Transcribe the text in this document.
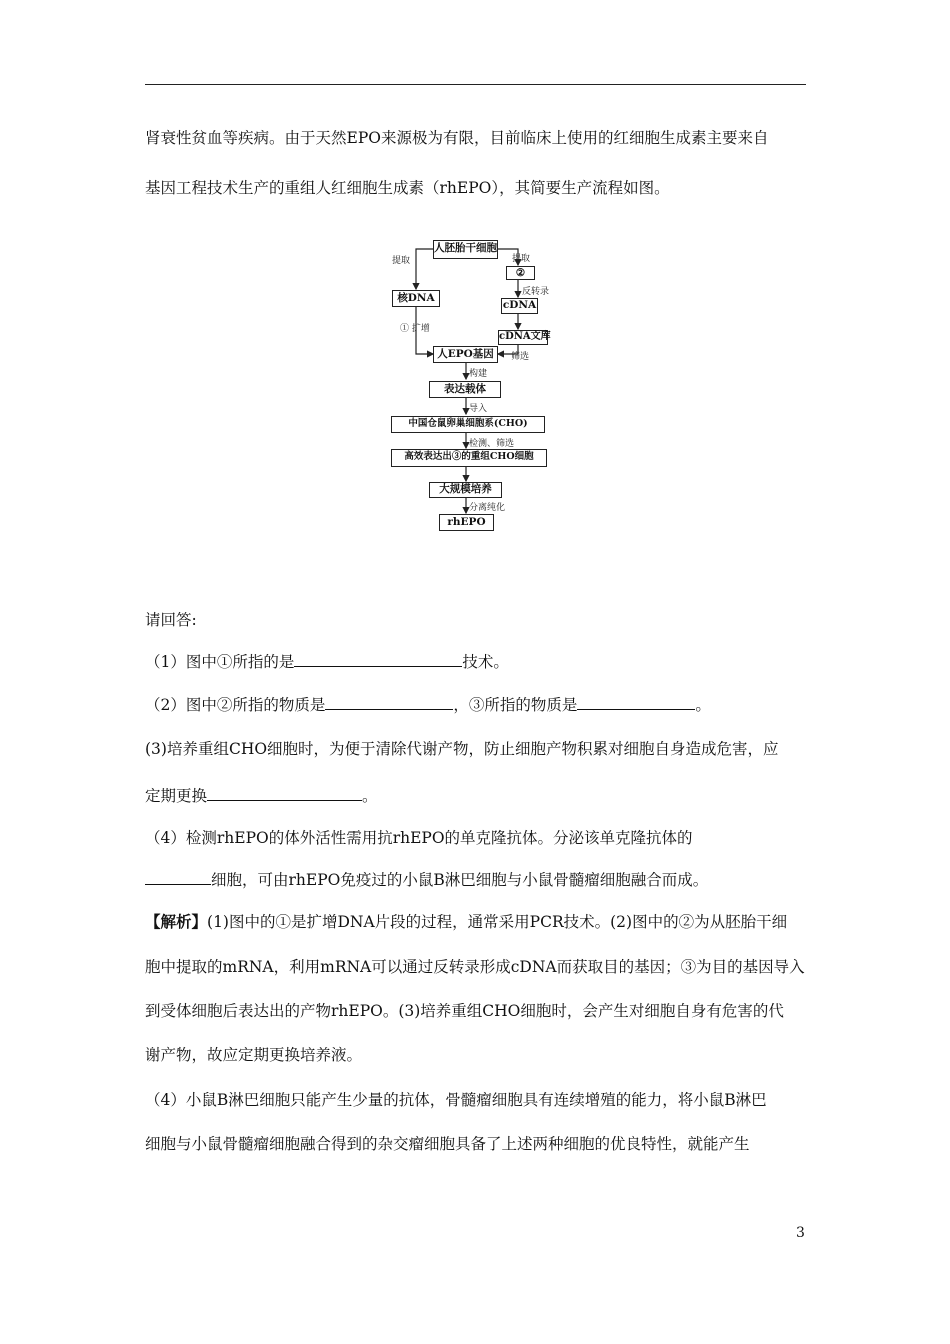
肾衰性贫血等疾病。由于天然EPO来源极为有限，目前临床上使用的红细胞生成素主要来自
基因工程技术生产的重组人红细胞生成素（rhEPO），其简要生产流程如图。
人胚胎干细胞
提取	提取
②
反转录
核DNA
cDNA
① 扩增
cDNA文库
筛选
人EPO基因
构建
表达载体
导入
中国仓鼠卵巢细胞系(CHO)
检测、筛选
高效表达出③的重组CHO细胞
大规模培养
分离纯化
rhEPO
请回答:
（1）图中①所指的是	技术。
（2）图中②所指的物质是	，③所指的物质是	。
(3)培养重组CHO细胞时，为便于清除代谢产物，防止细胞产物积累对细胞自身造成危害，应
定期更换	。
（4）检测rhEPO的体外活性需用抗rhEPO的单克隆抗体。分泌该单克隆抗体的
细胞，可由rhEPO免疫过的小鼠B淋巴细胞与小鼠骨髓瘤细胞融合而成。
【解析】(1)图中的①是扩增DNA片段的过程，通常采用PCR技术。(2)图中的②为从胚胎干细
胞中提取的mRNA，利用mRNA可以通过反转录形成cDNA而获取目的基因；③为目的基因导入
到受体细胞后表达出的产物rhEPO。(3)培养重组CHO细胞时，会产生对细胞自身有危害的代
谢产物，故应定期更换培养液。
（4）小鼠B淋巴细胞只能产生少量的抗体，骨髓瘤细胞具有连续增殖的能力，将小鼠B淋巴
细胞与小鼠骨髓瘤细胞融合得到的杂交瘤细胞具备了上述两种细胞的优良特性，就能产生
3
